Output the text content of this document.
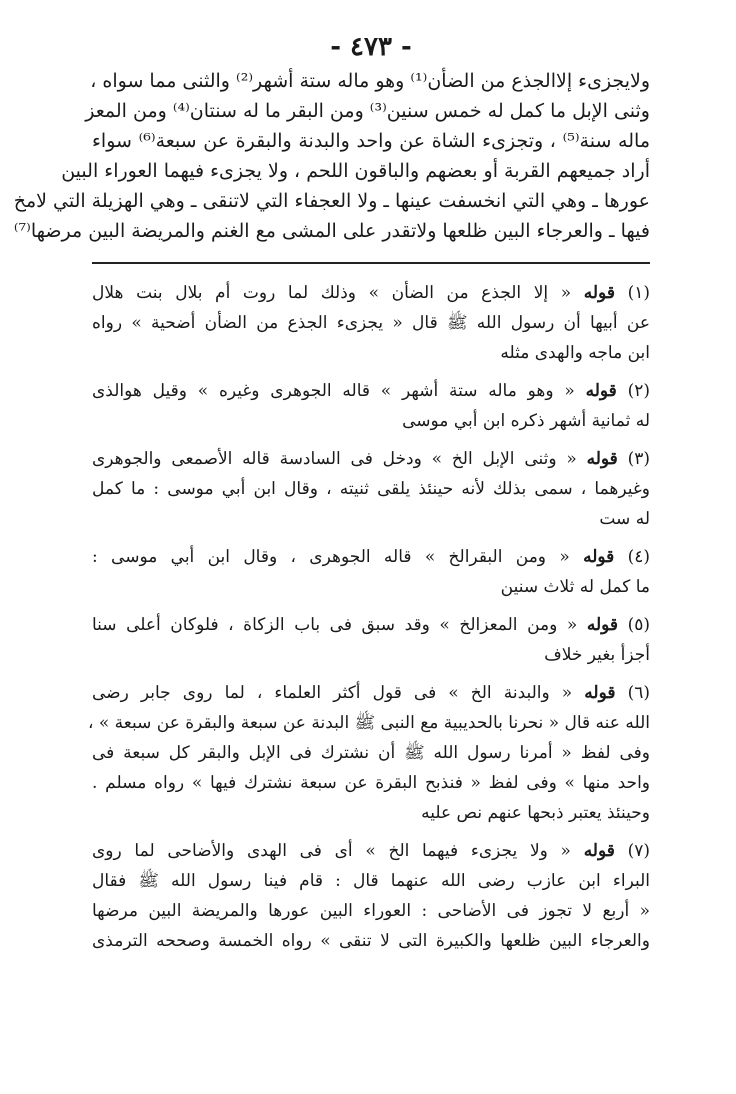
- ٤٧٣ -
ولايجزىء إلاالجذع من الضأن⁽¹⁾ وهو ماله ستة أشهر⁽²⁾ والثنى مما سواه ،
وثنى الإبل ما كمل له خمس سنين⁽³⁾ ومن البقر ما له سنتان⁽⁴⁾ ومن المعز
ماله سنة⁽⁵⁾ ، وتجزىء الشاة عن واحد والبدنة والبقرة عن سبعة⁽⁶⁾ سواء
أراد جميعهم القربة أو بعضهم والباقون اللحم ، ولا يجزىء فيهما العوراء البين
عورها ـ وهي التي انخسفت عينها ـ ولا العجفاء التي لاتنقى ـ وهي الهزيلة التي لامخ
فيها ـ والعرجاء البين ظلعها ولاتقدر على المشى مع الغنم والمريضة البين مرضها⁽⁷⁾
(١) قوله « إلا الجذع من الضأن » وذلك لما روت أم بلال بنت هلال
عن أبيها أن رسول الله ﷺ قال « يجزىء الجذع من الضأن أضحية » رواه
ابن ماجه والهدى مثله
(٢) قوله « وهو ماله ستة أشهر » قاله الجوهرى وغيره » وقيل هوالذى
له ثمانية أشهر ذكره ابن أبي موسى
(٣) قوله « وثنى الإبل الخ » ودخل فى السادسة قاله الأصمعى والجوهرى
وغيرهما ، سمى بذلك لأنه حينئذ يلقى ثنيته ، وقال ابن أبي موسى : ما كمل
له ست
(٤) قوله « ومن البقرالخ » قاله الجوهرى ، وقال ابن أبي موسى :
ما كمل له ثلاث سنين
(٥) قوله « ومن المعزالخ » وقد سبق فى باب الزكاة ، فلوكان أعلى سنا
أجزأ بغير خلاف
(٦) قوله « والبدنة الخ » فى قول أكثر العلماء ، لما روى جابر رضى
الله عنه قال « نحرنا بالحديبية مع النبى ﷺ البدنة عن سبعة والبقرة عن سبعة » ،
وفى لفظ « أمرنا رسول الله ﷺ أن نشترك فى الإبل والبقر كل سبعة فى
واحد منها » وفى لفظ « فنذبح البقرة عن سبعة نشترك فيها » رواه مسلم .
وحينئذ يعتبر ذبحها عنهم نص عليه
(٧) قوله « ولا يجزىء فيهما الخ » أى فى الهدى والأضاحى لما روى
البراء ابن عازب رضى الله عنهما قال : قام فينا رسول الله ﷺ فقال
« أربع لا تجوز فى الأضاحى : العوراء البين عورها والمريضة البين مرضها
والعرجاء البين ظلعها والكبيرة التى لا تنقى » رواه الخمسة وصححه الترمذى
